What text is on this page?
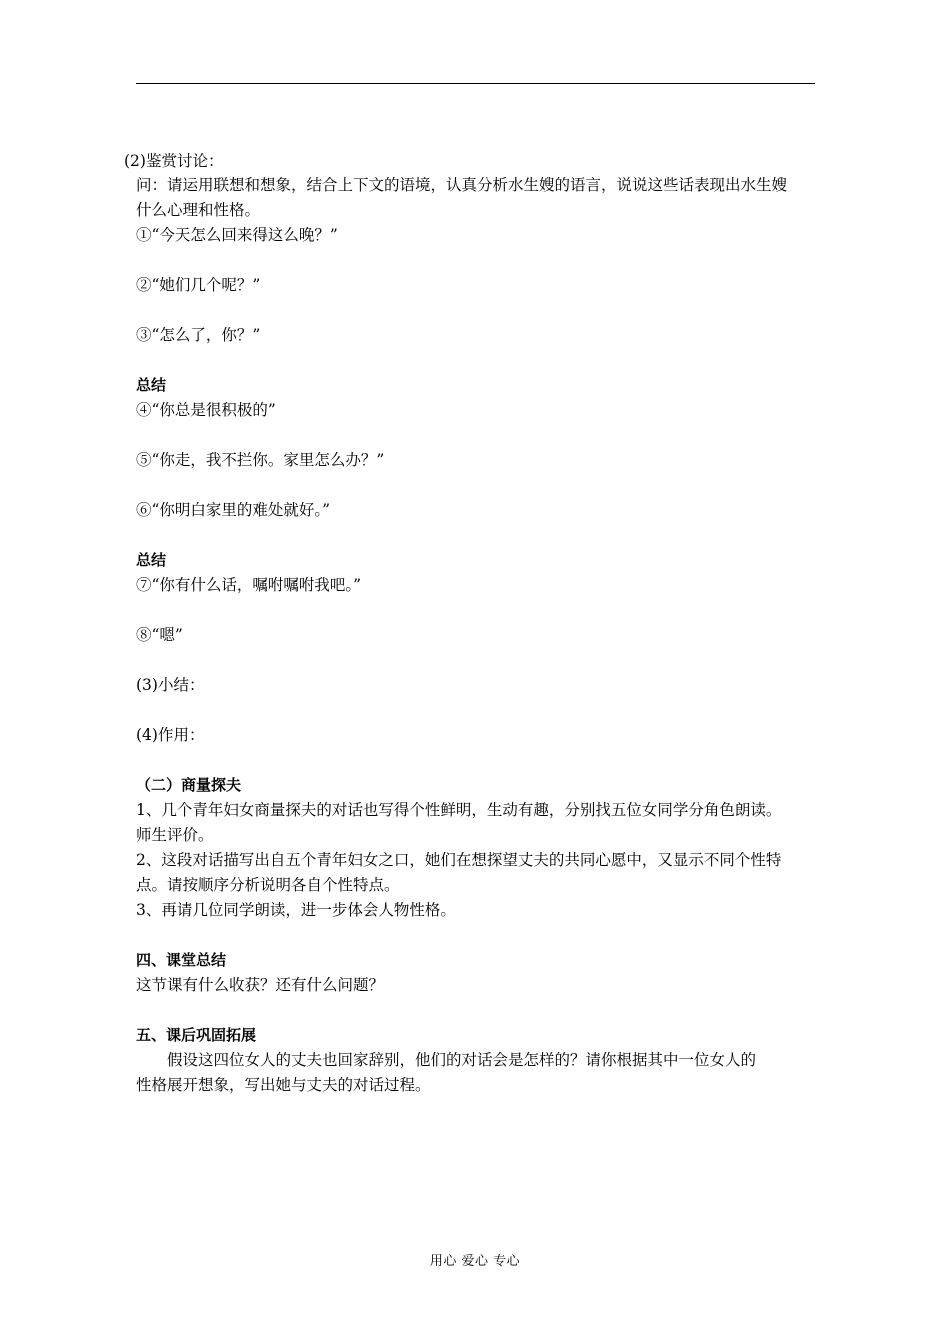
(2)鉴赏讨论：
问：请运用联想和想象，结合上下文的语境，认真分析水生嫂的语言，说说这些话表现出水生嫂
什么心理和性格。
①“今天怎么回来得这么晚？”
②“她们几个呢？”
③“怎么了，你？”
总结
④“你总是很积极的”
⑤“你走，我不拦你。家里怎么办？”
⑥“你明白家里的难处就好。”
总结
⑦“你有什么话，嘱咐嘱咐我吧。”
⑧“嗯”
(3)小结：
(4)作用：
（二）商量探夫
1、几个青年妇女商量探夫的对话也写得个性鲜明，生动有趣，分别找五位女同学分角色朗读。
师生评价。
2、这段对话描写出自五个青年妇女之口，她们在想探望丈夫的共同心愿中，又显示不同个性特
点。请按顺序分析说明各自个性特点。
3、再请几位同学朗读，进一步体会人物性格。
四、课堂总结
这节课有什么收获？还有什么问题？
五、课后巩固拓展
假设这四位女人的丈夫也回家辞别，他们的对话会是怎样的？请你根据其中一位女人的
性格展开想象，写出她与丈夫的对话过程。
用心 爱心 专心
